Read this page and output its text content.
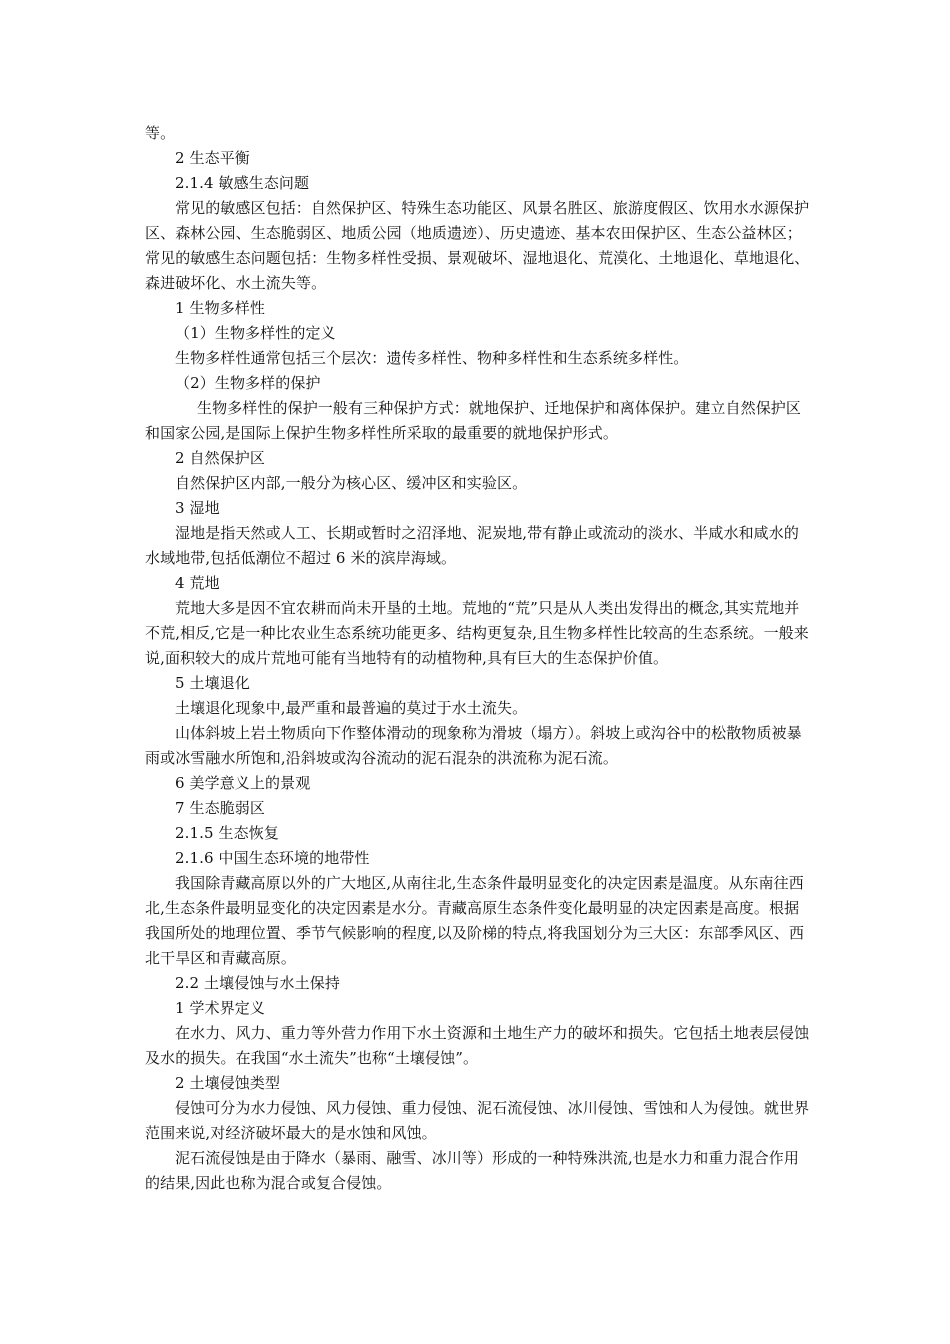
等。

2 生态平衡

2.1.4 敏感生态问题

常见的敏感区包括：自然保护区、特殊生态功能区、风景名胜区、旅游度假区、饮用水水源保护区、森林公园、生态脆弱区、地质公园（地质遗迹）、历史遗迹、基本农田保护区、生态公益林区；常见的敏感生态问题包括：生物多样性受损、景观破坏、湿地退化、荒漠化、土地退化、草地退化、森进破坏化、水土流失等。

1 生物多样性

（1）生物多样性的定义

生物多样性通常包括三个层次：遗传多样性、物种多样性和生态系统多样性。

（2）生物多样的保护

生物多样性的保护一般有三种保护方式：就地保护、迁地保护和离体保护。建立自然保护区和国家公园,是国际上保护生物多样性所采取的最重要的就地保护形式。

2 自然保护区

自然保护区内部,一般分为核心区、缓冲区和实验区。

3 湿地

湿地是指天然或人工、长期或暂时之沼泽地、泥炭地,带有静止或流动的淡水、半咸水和咸水的水域地带,包括低潮位不超过 6 米的滨岸海域。

4 荒地

荒地大多是因不宜农耕而尚未开垦的土地。荒地的“荒”只是从人类出发得出的概念,其实荒地并不荒,相反,它是一种比农业生态系统功能更多、结构更复杂,且生物多样性比较高的生态系统。一般来说,面积较大的成片荒地可能有当地特有的动植物种,具有巨大的生态保护价值。

5 土壤退化

土壤退化现象中,最严重和最普遍的莫过于水土流失。

山体斜坡上岩土物质向下作整体滑动的现象称为滑坡（塌方）。斜坡上或沟谷中的松散物质被暴雨或冰雪融水所饱和,沿斜坡或沟谷流动的泥石混杂的洪流称为泥石流。

6 美学意义上的景观

7 生态脆弱区

2.1.5 生态恢复

2.1.6 中国生态环境的地带性

我国除青藏高原以外的广大地区,从南往北,生态条件最明显变化的决定因素是温度。从东南往西北,生态条件最明显变化的决定因素是水分。青藏高原生态条件变化最明显的决定因素是高度。根据我国所处的地理位置、季节气候影响的程度,以及阶梯的特点,将我国划分为三大区：东部季风区、西北干旱区和青藏高原。

2.2 土壤侵蚀与水土保持

1 学术界定义

在水力、风力、重力等外营力作用下水土资源和土地生产力的破坏和损失。它包括土地表层侵蚀及水的损失。在我国“水土流失”也称“土壤侵蚀”。

2 土壤侵蚀类型

侵蚀可分为水力侵蚀、风力侵蚀、重力侵蚀、泥石流侵蚀、冰川侵蚀、雪蚀和人为侵蚀。就世界范围来说,对经济破坏最大的是水蚀和风蚀。

泥石流侵蚀是由于降水（暴雨、融雪、冰川等）形成的一种特殊洪流,也是水力和重力混合作用的结果,因此也称为混合或复合侵蚀。
